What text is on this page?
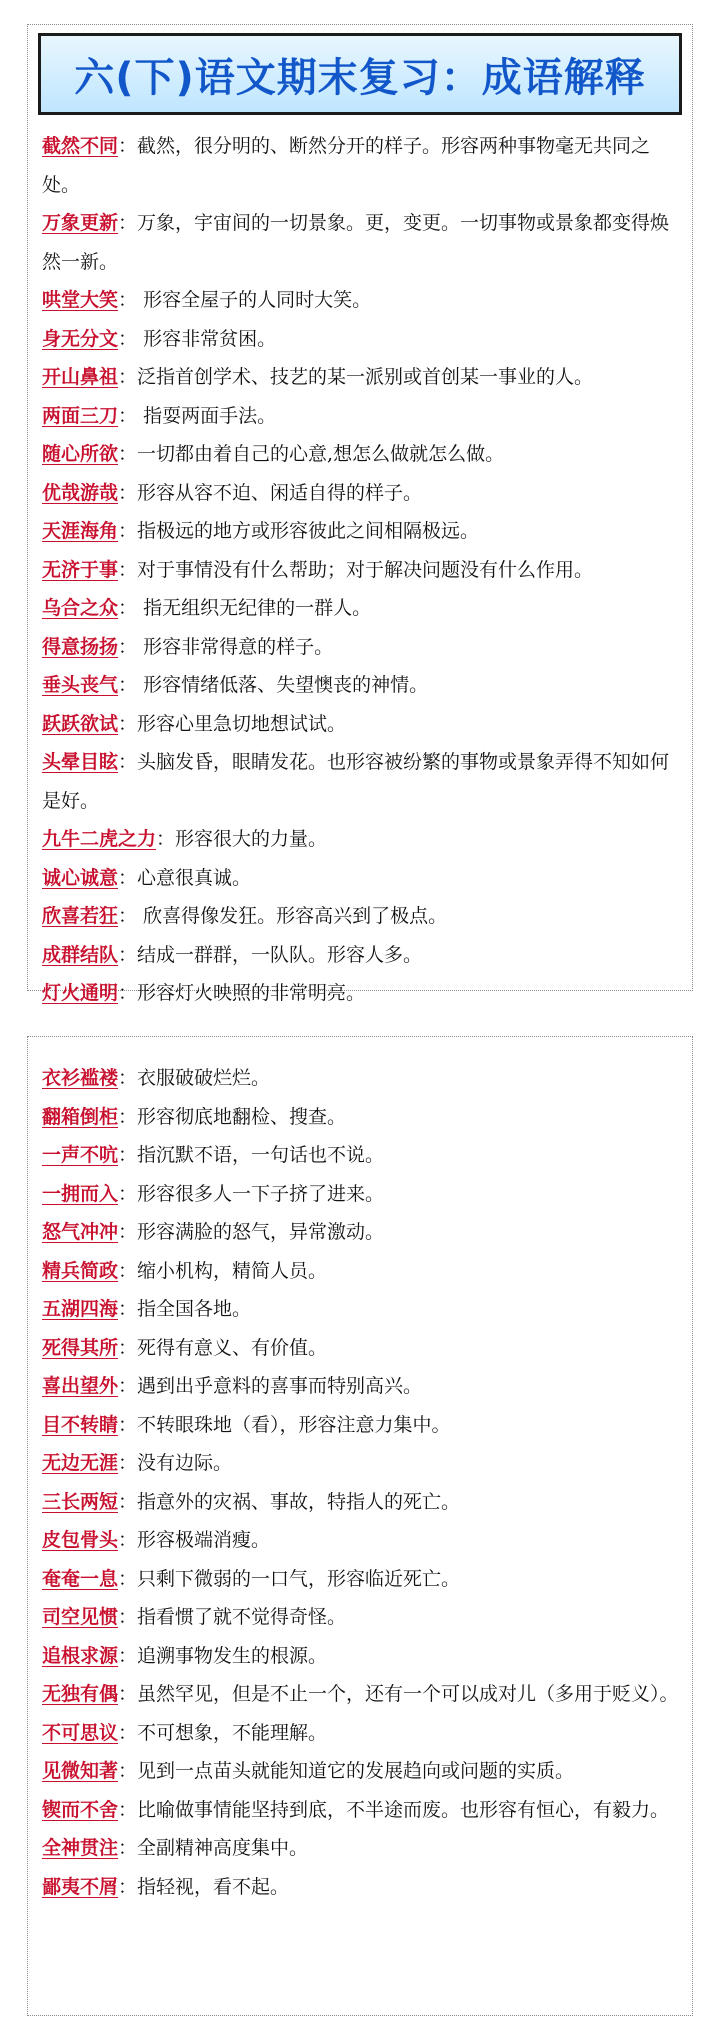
六(下)语文期末复习：成语解释
截然不同：截然，很分明的、断然分开的样子。形容两种事物毫无共同之处。
万象更新：万象，宇宙间的一切景象。更，变更。一切事物或景象都变得焕然一新。
哄堂大笑： 形容全屋子的人同时大笑。
身无分文： 形容非常贫困。
开山鼻祖：泛指首创学术、技艺的某一派别或首创某一事业的人。
两面三刀： 指耍两面手法。
随心所欲：一切都由着自己的心意,想怎么做就怎么做。
优哉游哉：形容从容不迫、闲适自得的样子。
天涯海角：指极远的地方或形容彼此之间相隔极远。
无济于事：对于事情没有什么帮助；对于解决问题没有什么作用。
乌合之众： 指无组织无纪律的一群人。
得意扬扬： 形容非常得意的样子。
垂头丧气： 形容情绪低落、失望懊丧的神情。
跃跃欲试：形容心里急切地想试试。
头晕目眩：头脑发昏，眼睛发花。也形容被纷繁的事物或景象弄得不知如何是好。
九牛二虎之力：形容很大的力量。
诚心诚意：心意很真诚。
欣喜若狂： 欣喜得像发狂。形容高兴到了极点。
成群结队：结成一群群，一队队。形容人多。
灯火通明：形容灯火映照的非常明亮。
衣衫褴褛：衣服破破烂烂。
翻箱倒柜：形容彻底地翻检、搜查。
一声不吭：指沉默不语，一句话也不说。
一拥而入：形容很多人一下子挤了进来。
怒气冲冲：形容满脸的怒气，异常激动。
精兵简政：缩小机构，精简人员。
五湖四海：指全国各地。
死得其所：死得有意义、有价值。
喜出望外：遇到出乎意料的喜事而特别高兴。
目不转睛：不转眼珠地（看），形容注意力集中。
无边无涯：没有边际。
三长两短：指意外的灾祸、事故，特指人的死亡。
皮包骨头：形容极端消瘦。
奄奄一息：只剩下微弱的一口气，形容临近死亡。
司空见惯：指看惯了就不觉得奇怪。
追根求源：追溯事物发生的根源。
无独有偶：虽然罕见，但是不止一个，还有一个可以成对儿（多用于贬义）。
不可思议：不可想象，不能理解。
见微知著：见到一点苗头就能知道它的发展趋向或问题的实质。
锲而不舍：比喻做事情能坚持到底，不半途而废。也形容有恒心，有毅力。
全神贯注：全副精神高度集中。
鄙夷不屑：指轻视，看不起。
